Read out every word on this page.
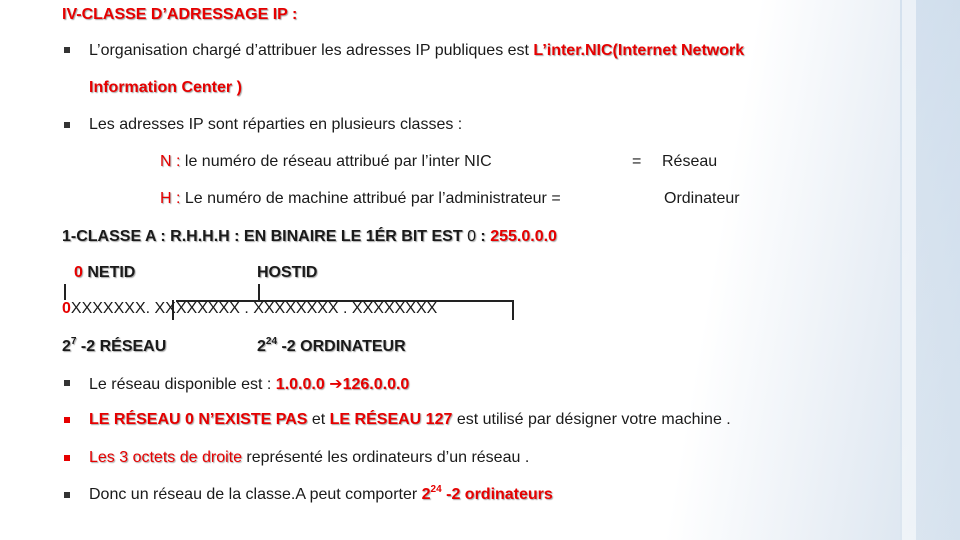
IV-CLASSE D’ADRESSAGE IP :
L’organisation chargé d’attribuer les adresses IP publiques est L’inter.NIC(Internet Network
Information Center )
Les adresses IP sont réparties en plusieurs classes :
N : le numéro de réseau attribué par l’inter NIC	= Réseau
H : Le numéro de machine attribué par l’administrateur =	Ordinateur
1-CLASSE A : R.H.H.H : EN BINAIRE LE 1ÉR BIT EST 0 : 255.0.0.0
0 NETID	HOSTID
0XXXXXXX. XXXXXXXX . XXXXXXXX . XXXXXXXX
$2^7$ -2 RÉSEAU	$2^{24}$ -2 ORDINATEUR
Le réseau disponible est : 1.0.0.0 ➔126.0.0.0
LE RÉSEAU 0 N’EXISTE PAS et LE RÉSEAU 127 est utilisé par désigner votre machine .
Les 3 octets de droite représenté les ordinateurs d’un réseau .
Donc un réseau de la classe.A peut comporter $2^{24}$ -2 ordinateurs
